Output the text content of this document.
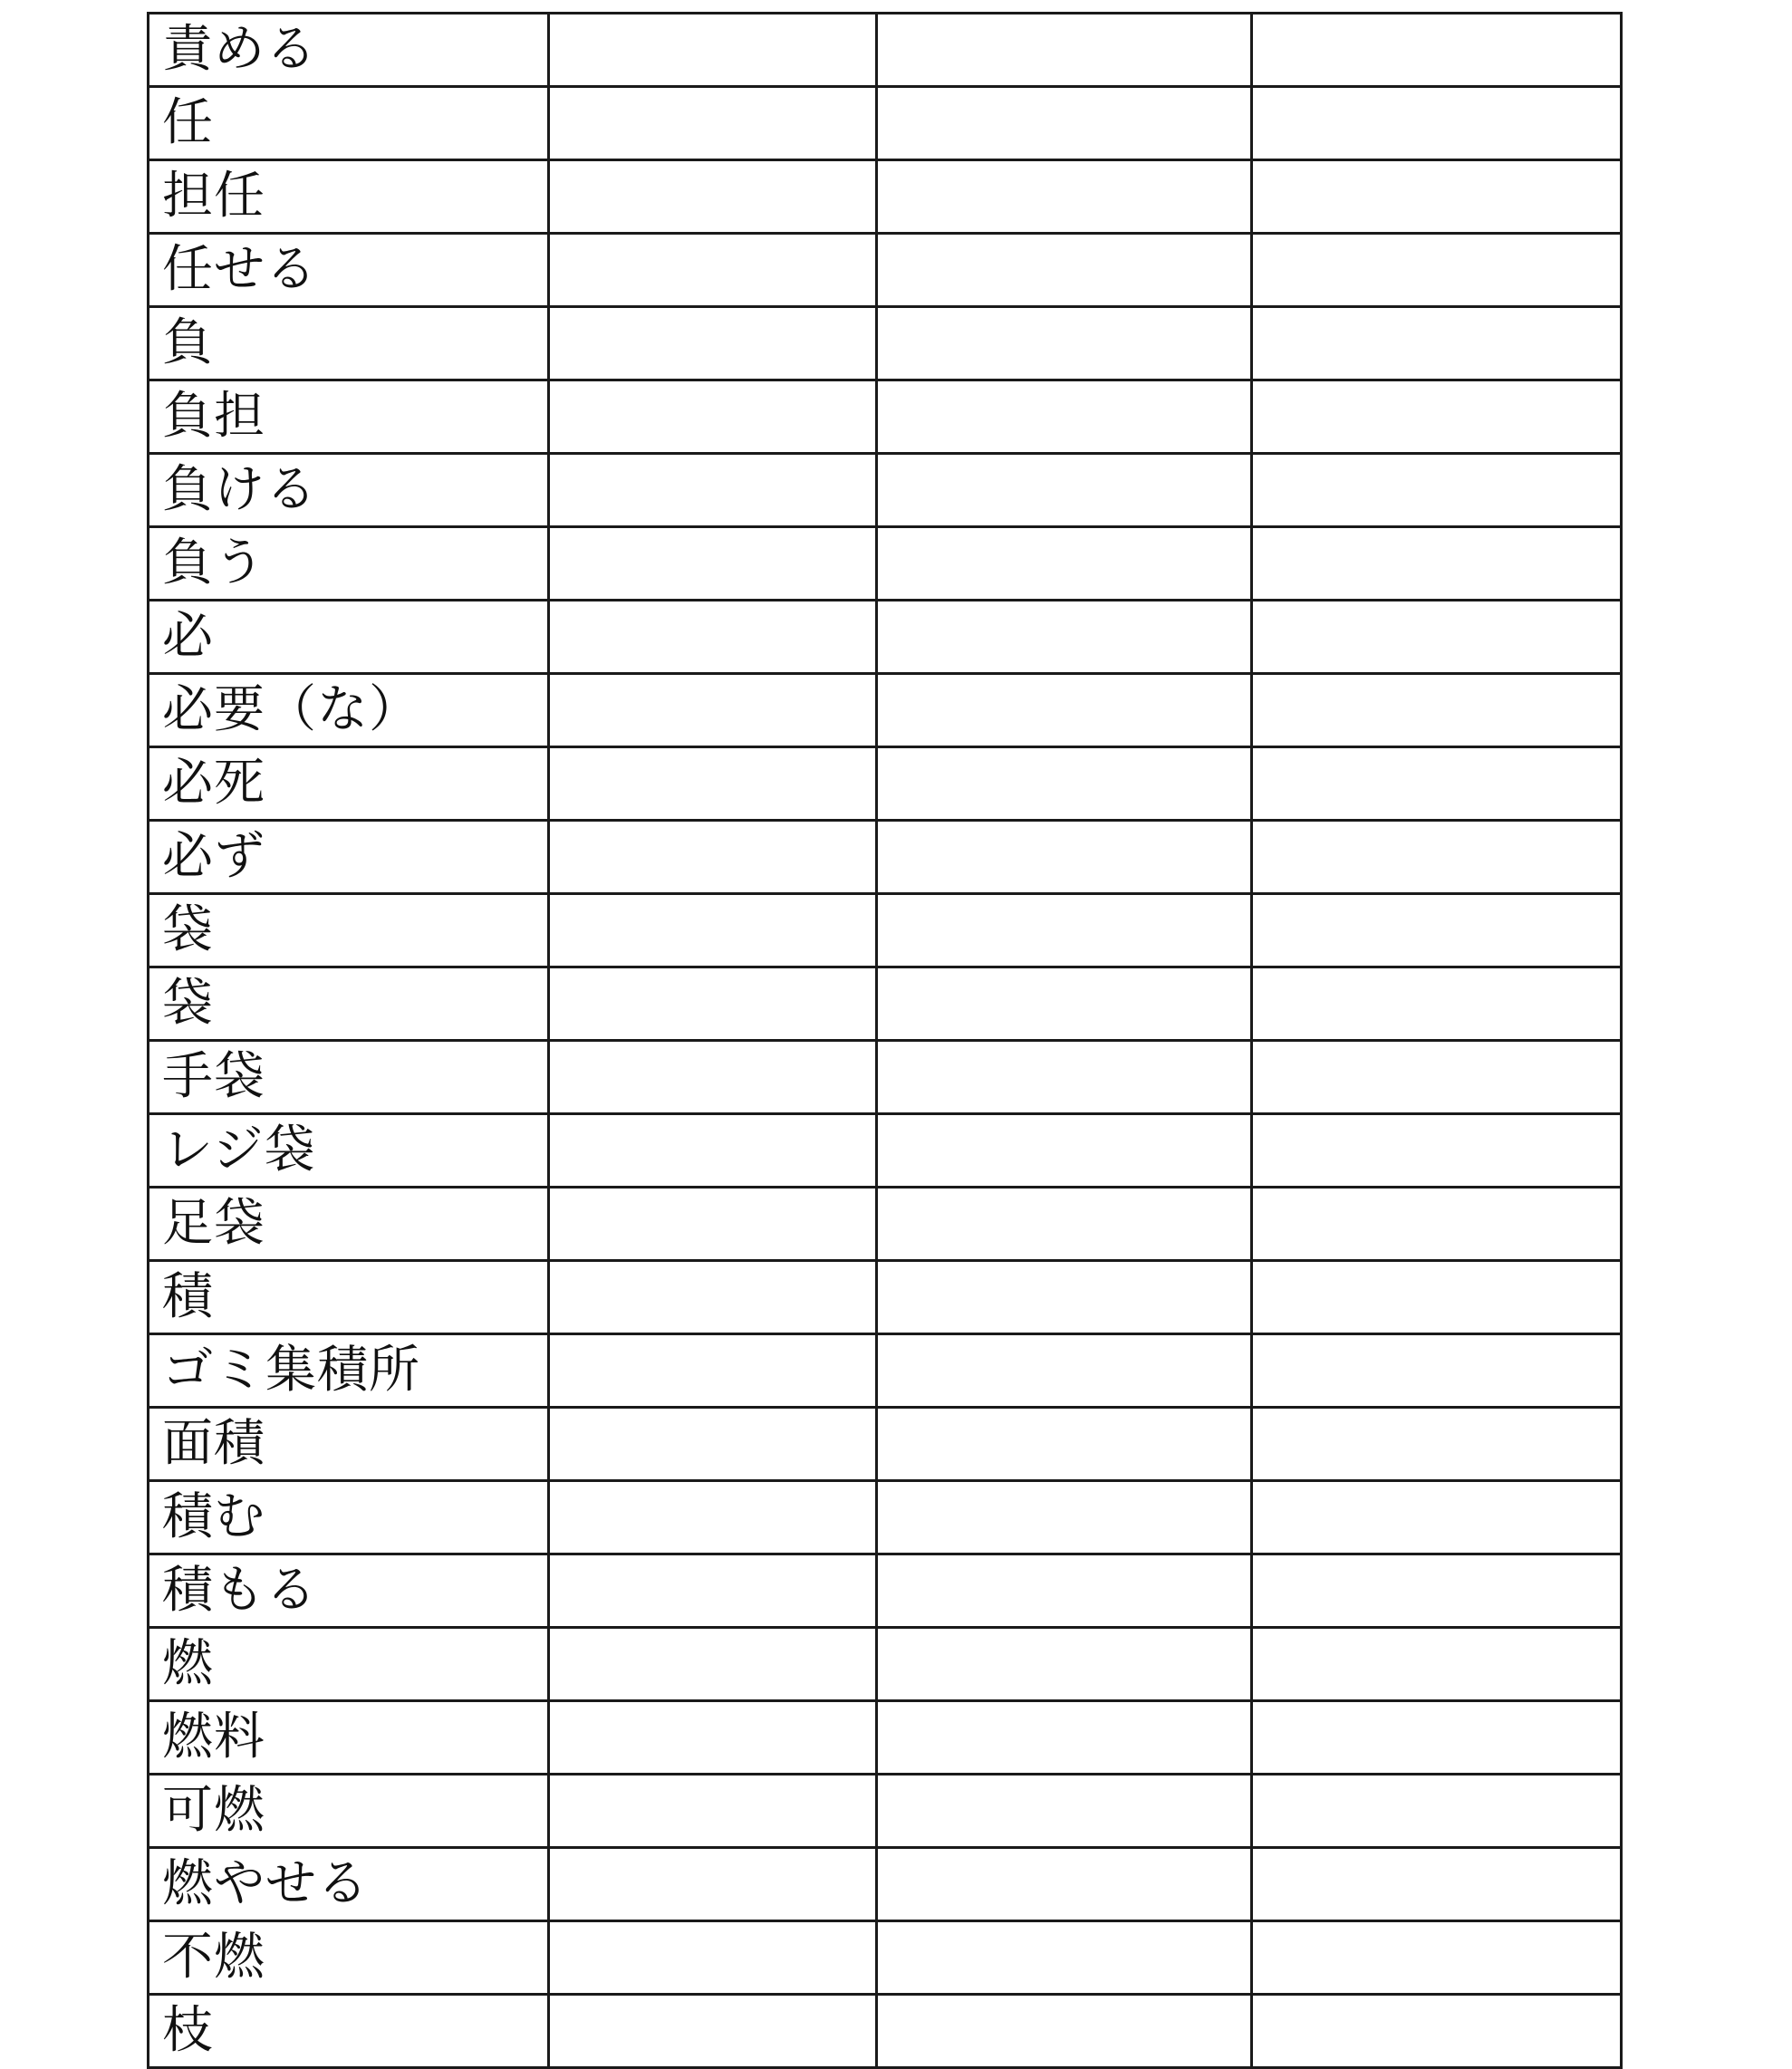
責める			
任			
担任			
任せる			
負			
負担			
負ける			
負う			
必			
必要（な）			
必死			
必ず			
袋			
袋			
手袋			
レジ袋			
足袋			
積			
ゴミ集積所			
面積			
積む			
積もる			
燃			
燃料			
可燃			
燃やせる			
不燃			
枝			
